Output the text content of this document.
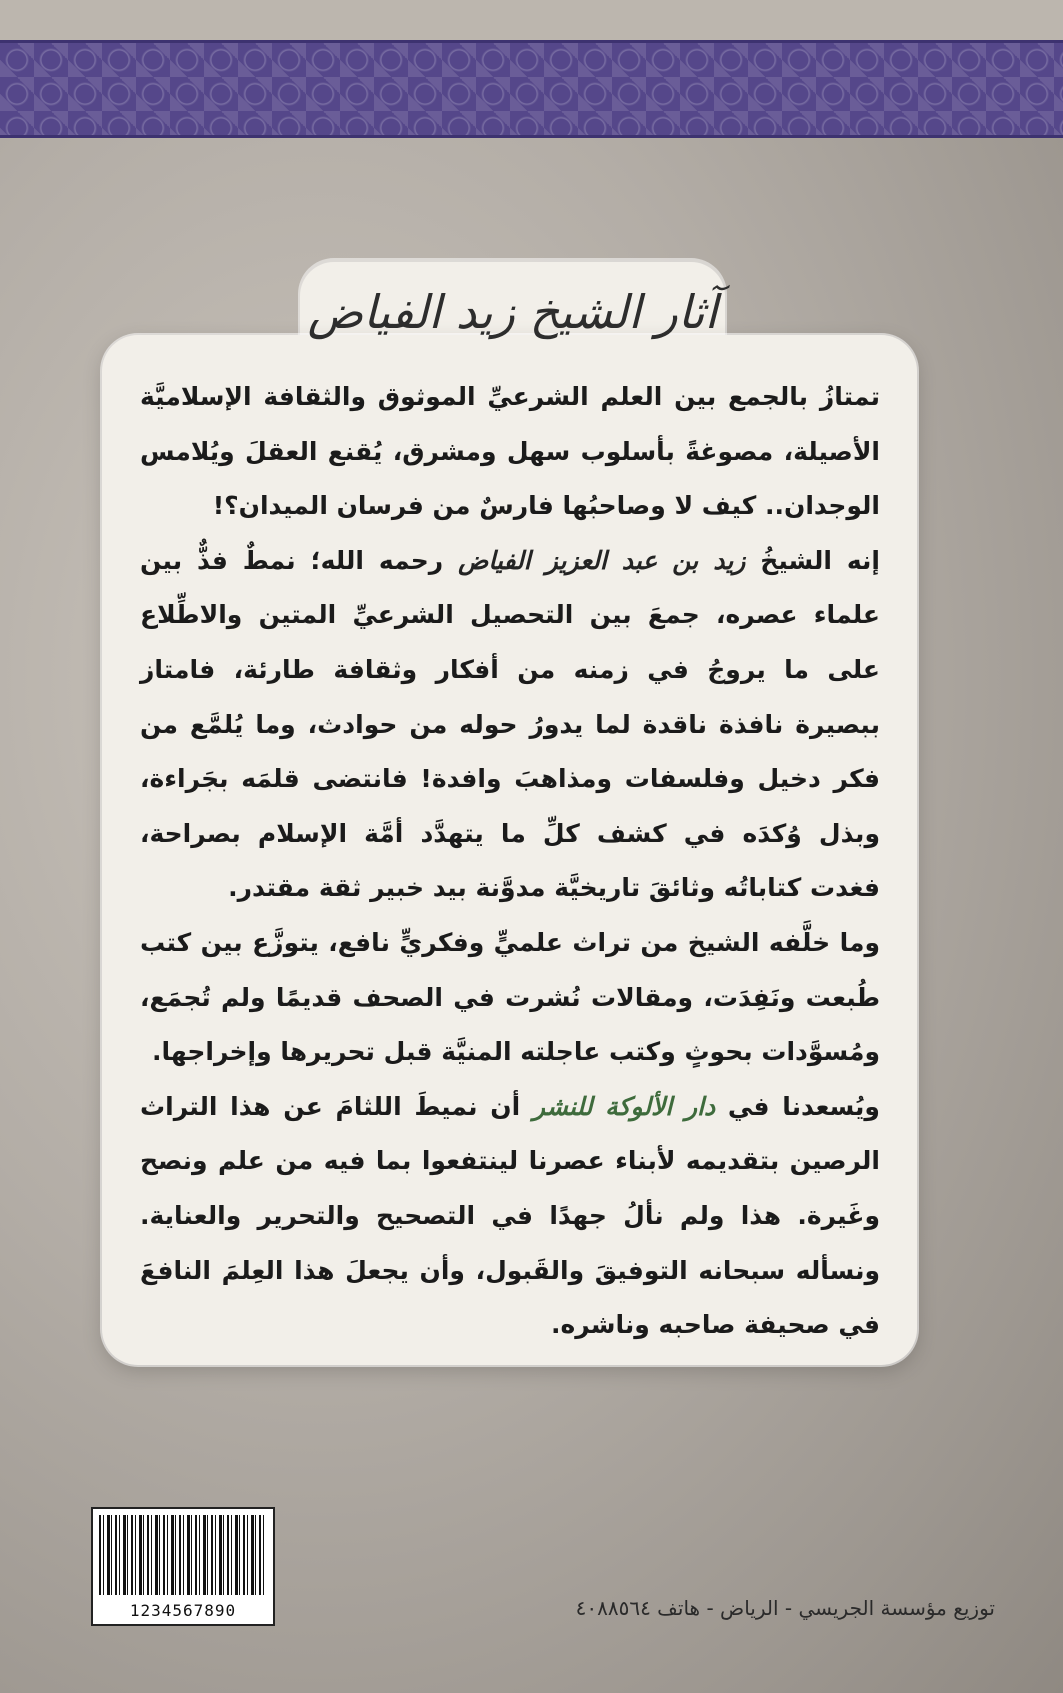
آثار الشيخ زيد الفياض

تمتازُ بالجمع بين العلم الشرعيِّ الموثوق والثقافة الإسلاميَّة الأصيلة، مصوغةً بأسلوب سهل ومشرق، يُقنع العقلَ ويُلامس الوجدان.. كيف لا وصاحبُها فارسٌ من فرسان الميدان؟!

إنه الشيخُ زيد بن عبد العزيز الفياض رحمه الله؛ نمطٌ فذٌّ بين علماء عصره، جمعَ بين التحصيل الشرعيِّ المتين والاطِّلاع على ما يروجُ في زمنه من أفكار وثقافة طارئة، فامتاز ببصيرة نافذة ناقدة لما يدورُ حوله من حوادث، وما يُلمَّع من فكر دخيل وفلسفات ومذاهبَ وافدة! فانتضى قلمَه بجَراءة، وبذل وُكدَه في كشف كلِّ ما يتهدَّد أمَّة الإسلام بصراحة، فغدت كتاباتُه وثائقَ تاريخيَّة مدوَّنة بيد خبير ثقة مقتدر.

وما خلَّفه الشيخ من تراث علميٍّ وفكريٍّ نافع، يتوزَّع بين كتب طُبعت ونَفِدَت، ومقالات نُشرت في الصحف قديمًا ولم تُجمَع، ومُسوَّدات بحوثٍ وكتب عاجلته المنيَّة قبل تحريرها وإخراجها.

ويُسعدنا في دار الألوكة للنشر أن نميطَ اللثامَ عن هذا التراث الرصين بتقديمه لأبناء عصرنا لينتفعوا بما فيه من علم ونصح وغَيرة. هذا ولم نألُ جهدًا في التصحيح والتحرير والعناية. ونسأله سبحانه التوفيقَ والقَبول، وأن يجعلَ هذا العِلمَ النافعَ في صحيفة صاحبه وناشره.

1234567890	توزيع مؤسسة الجريسي - الرياض - هاتف ٤٠٨٨٥٦٤
